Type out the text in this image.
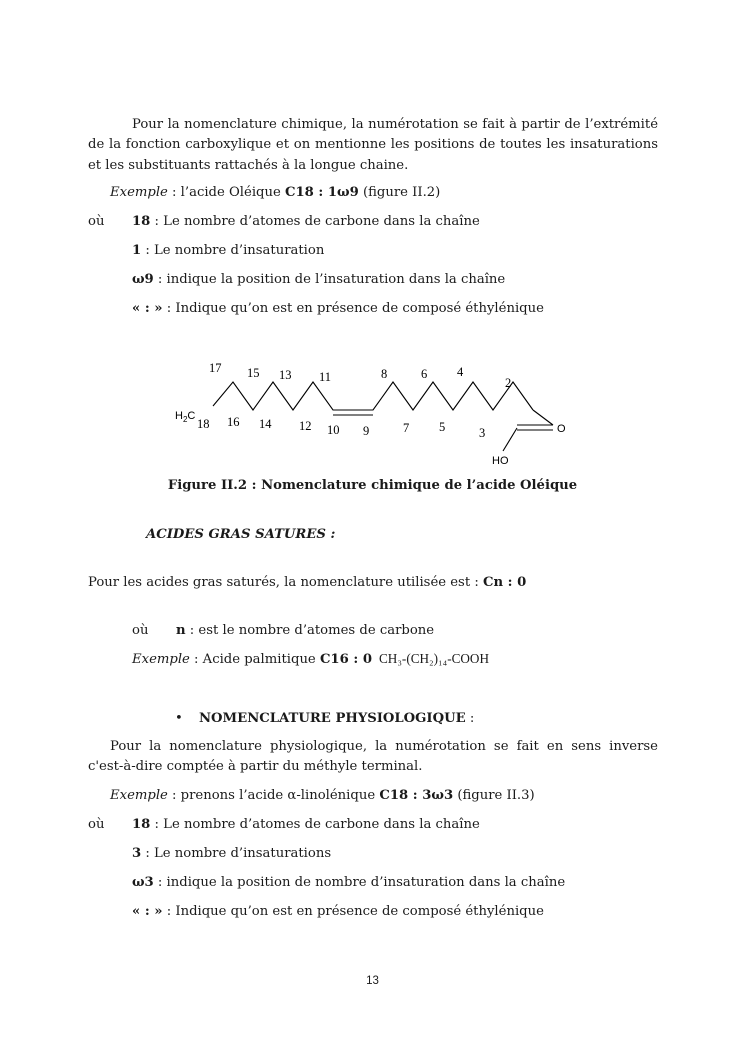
Pour la nomenclature chimique, la numérotation se fait à partir de l’extrémité de la fonction carboxylique et on mentionne les positions de toutes les insaturations et les substituants rattachés à la longue chaine.

Exemple : l’acide Oléique C18 : 1ω9 (figure II.2)

où 18 : Le nombre d’atomes de carbone dans la chaîne

1 : Le nombre d’insaturation

ω9 : indique la position de l’insaturation dans la chaîne

« : » : Indique qu’on est en présence de composé éthylénique

$H_2C$
O
HO
17 15 13 11	8	6 4
2
18 16 14 12 10 9	7 5	3

Figure II.2 : Nomenclature chimique de l’acide Oléique

ACIDES GRAS SATURES :

Pour les acides gras saturés, la nomenclature utilisée est : Cn : 0

où n : est le nombre d’atomes de carbone

Exemple : Acide palmitique C16 : 0 CH₃-(CH₂)₁₄-COOH

• NOMENCLATURE PHYSIOLOGIQUE :

Pour la nomenclature physiologique, la numérotation se fait en sens inverse c'est-à-dire comptée à partir du méthyle terminal.

Exemple : prenons l’acide α-linolénique C18 : 3ω3 (figure II.3)

où 18 : Le nombre d’atomes de carbone dans la chaîne

3 : Le nombre d’insaturations

ω3 : indique la position de nombre d’insaturation dans la chaîne

« : » : Indique qu’on est en présence de composé éthylénique

13
